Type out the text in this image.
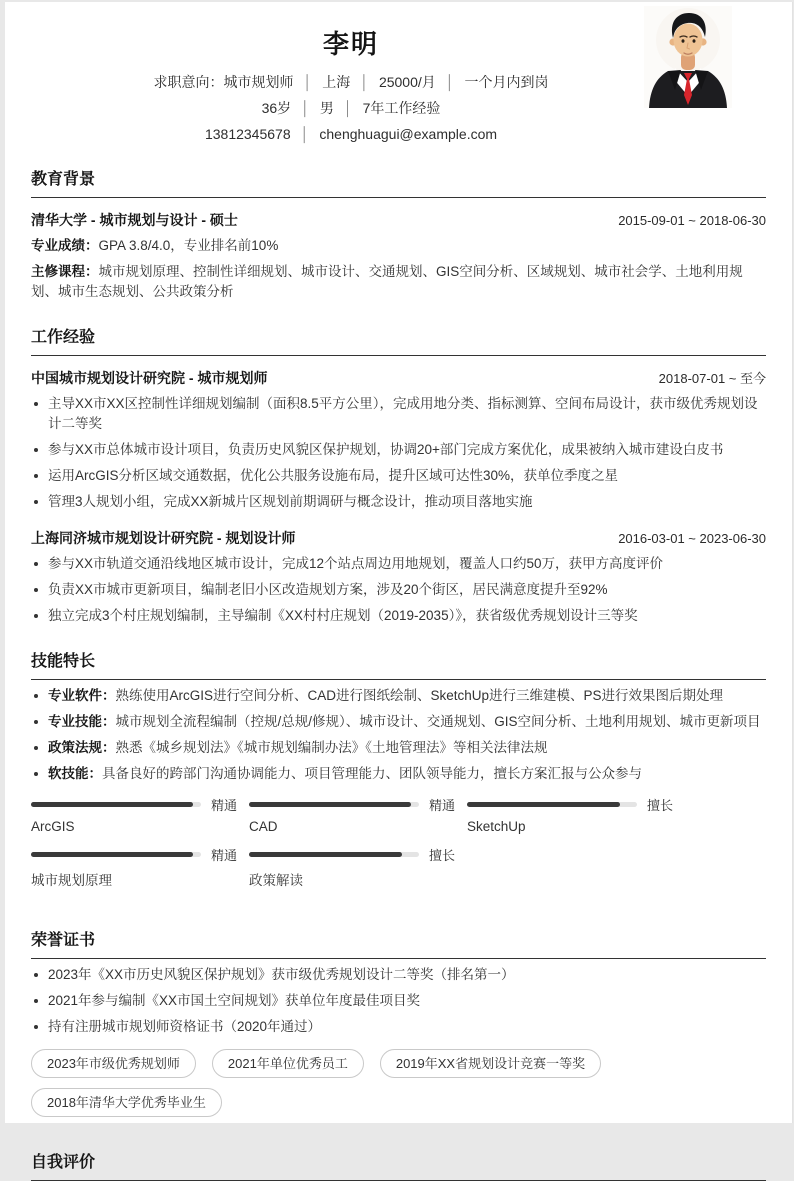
李明
求职意向：城市规划师 │ 上海 │ 25000/月 │ 一个月内到岗
36岁 │ 男 │ 7年工作经验
13812345678 │ chenghuagui@example.com
教育背景
清华大学 - 城市规划与设计 - 硕士	2015-09-01 ~ 2018-06-30
专业成绩：GPA 3.8/4.0，专业排名前10%
主修课程：城市规划原理、控制性详细规划、城市设计、交通规划、GIS空间分析、区域规划、城市社会学、土地利用规划、城市生态规划、公共政策分析
工作经验
中国城市规划设计研究院 - 城市规划师	2018-07-01 ~ 至今
主导XX市XX区控制性详细规划编制（面积8.5平方公里），完成用地分类、指标测算、空间布局设计，获市级优秀规划设计二等奖
参与XX市总体城市设计项目，负责历史风貌区保护规划，协调20+部门完成方案优化，成果被纳入城市建设白皮书
运用ArcGIS分析区域交通数据，优化公共服务设施布局，提升区域可达性30%，获单位季度之星
管理3人规划小组，完成XX新城片区规划前期调研与概念设计，推动项目落地实施
上海同济城市规划设计研究院 - 规划设计师	2016-03-01 ~ 2023-06-30
参与XX市轨道交通沿线地区城市设计，完成12个站点周边用地规划，覆盖人口约50万，获甲方高度评价
负责XX市城市更新项目，编制老旧小区改造规划方案，涉及20个街区，居民满意度提升至92%
独立完成3个村庄规划编制，主导编制《XX村村庄规划（2019-2035）》，获省级优秀规划设计三等奖
技能特长
专业软件：熟练使用ArcGIS进行空间分析、CAD进行图纸绘制、SketchUp进行三维建模、PS进行效果图后期处理
专业技能：城市规划全流程编制（控规/总规/修规）、城市设计、交通规划、GIS空间分析、土地利用规划、城市更新项目
政策法规：熟悉《城乡规划法》《城市规划编制办法》《土地管理法》等相关法律法规
软技能：具备良好的跨部门沟通协调能力、项目管理能力、团队领导能力，擅长方案汇报与公众参与
精通
ArcGIS
精通
CAD
擅长
SketchUp
精通
城市规划原理
擅长
政策解读
荣誉证书
2023年《XX市历史风貌区保护规划》获市级优秀规划设计二等奖（排名第一）
2021年参与编制《XX市国土空间规划》获单位年度最佳项目奖
持有注册城市规划师资格证书（2020年通过）
2023年市级优秀规划师	2021年单位优秀员工	2019年XX省规划设计竞赛一等奖
2018年清华大学优秀毕业生
自我评价
